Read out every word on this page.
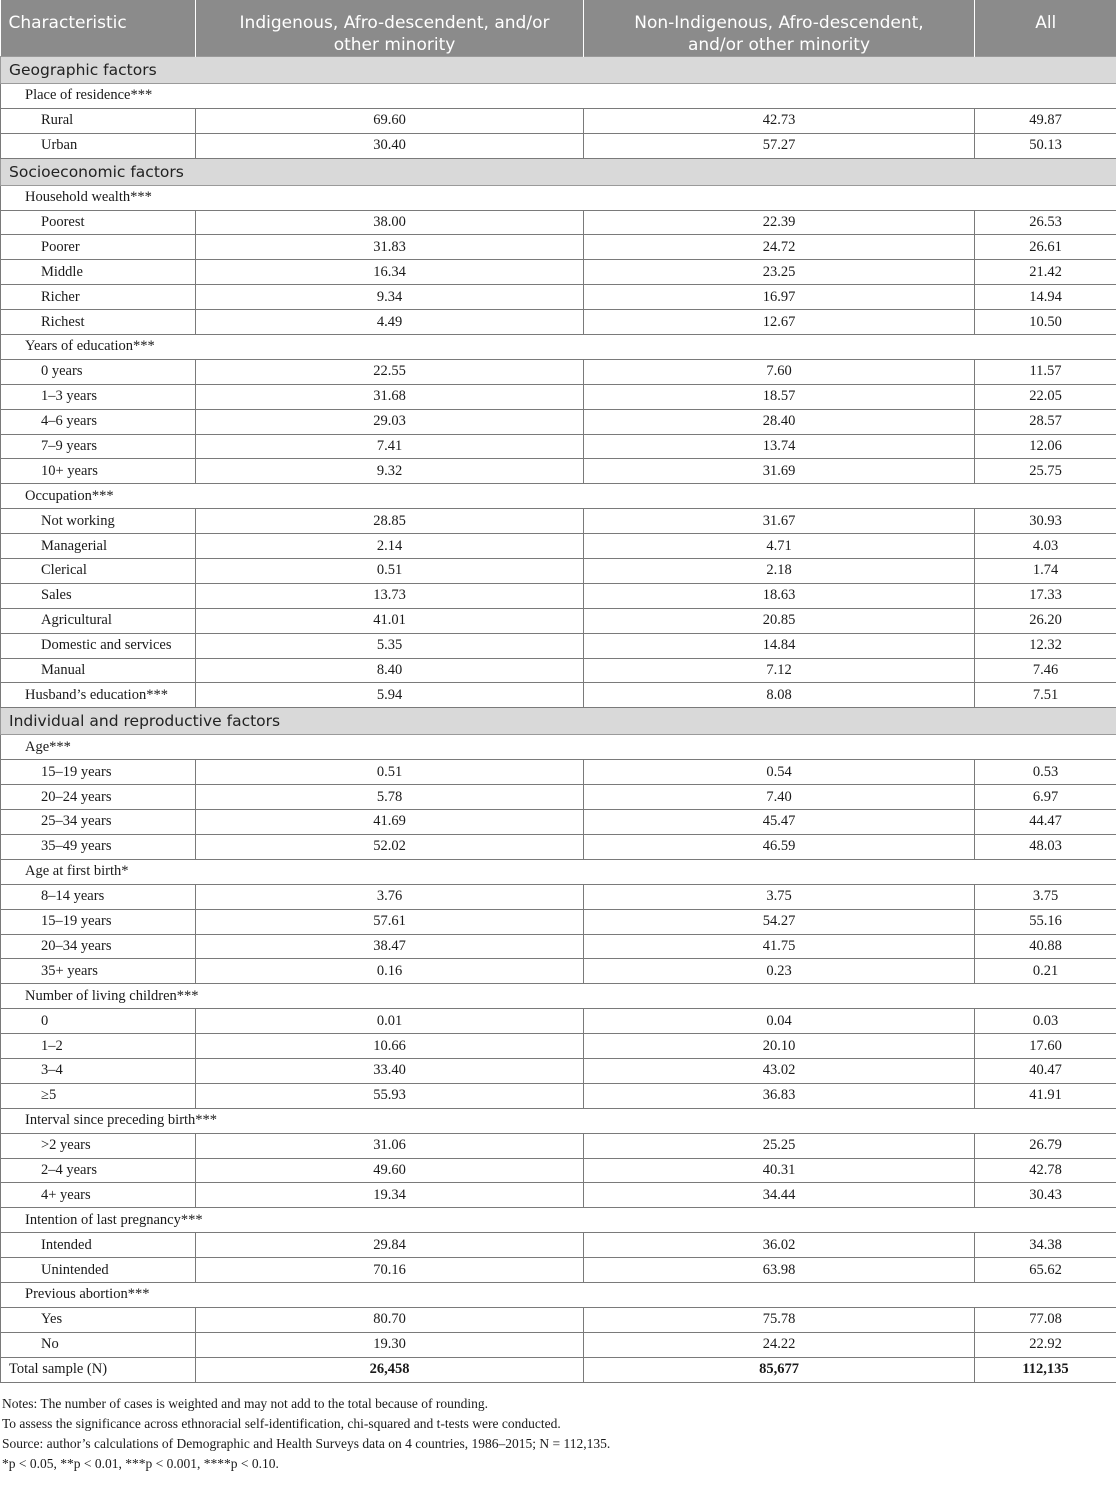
Characteristic	Indigenous, Afro-descendent, and/or other minority	Non-Indigenous, Afro-descendent, and/or other minority	All

Geographic factors			
Place of residence***			
Rural	69.60	42.73	49.87
Urban	30.40	57.27	50.13
Socioeconomic factors			
Household wealth***			
Poorest	38.00	22.39	26.53
Poorer	31.83	24.72	26.61
Middle	16.34	23.25	21.42
Richer	9.34	16.97	14.94
Richest	4.49	12.67	10.50
Years of education***			
0 years	22.55	7.60	11.57
1–3 years	31.68	18.57	22.05
4–6 years	29.03	28.40	28.57
7–9 years	7.41	13.74	12.06
10+ years	9.32	31.69	25.75
Occupation***			
Not working	28.85	31.67	30.93
Managerial	2.14	4.71	4.03
Clerical	0.51	2.18	1.74
Sales	13.73	18.63	17.33
Agricultural	41.01	20.85	26.20
Domestic and services	5.35	14.84	12.32
Manual	8.40	7.12	7.46
Husband’s education***	5.94	8.08	7.51
Individual and reproductive factors			
Age***			
15–19 years	0.51	0.54	0.53
20–24 years	5.78	7.40	6.97
25–34 years	41.69	45.47	44.47
35–49 years	52.02	46.59	48.03
Age at first birth*			
8–14 years	3.76	3.75	3.75
15–19 years	57.61	54.27	55.16
20–34 years	38.47	41.75	40.88
35+ years	0.16	0.23	0.21
Number of living children***			
0	0.01	0.04	0.03
1–2	10.66	20.10	17.60
3–4	33.40	43.02	40.47
≥5	55.93	36.83	41.91
Interval since preceding birth***			
>2 years	31.06	25.25	26.79
2–4 years	49.60	40.31	42.78
4+ years	19.34	34.44	30.43
Intention of last pregnancy***			
Intended	29.84	36.02	34.38
Unintended	70.16	63.98	65.62
Previous abortion***			
Yes	80.70	75.78	77.08
No	19.30	24.22	22.92
Total sample (N)	26,458	85,677	112,135

Notes: The number of cases is weighted and may not add to the total because of rounding.

To assess the significance across ethnoracial self-identification, chi-squared and t-tests were conducted.

Source: author’s calculations of Demographic and Health Surveys data on 4 countries, 1986–2015; N = 112,135.

*p < 0.05, **p < 0.01, ***p < 0.001, ****p < 0.10.
